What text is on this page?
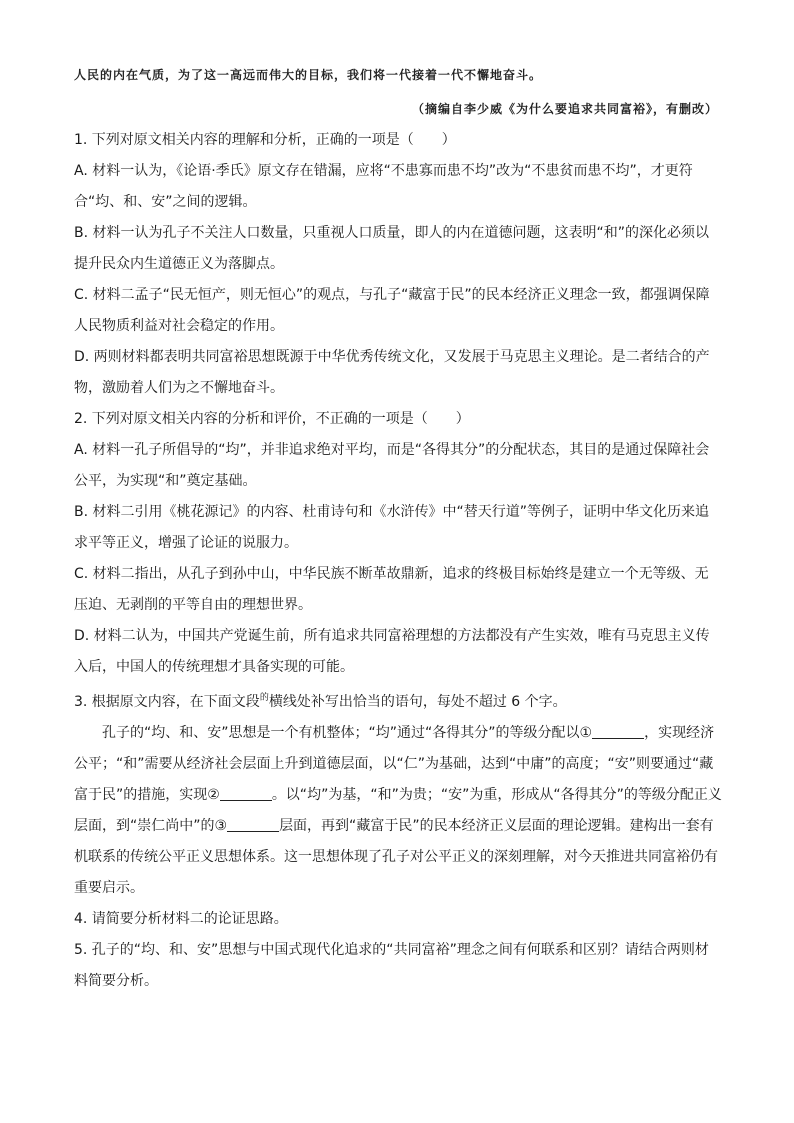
人民的内在气质，为了这一高远而伟大的目标，我们将一代接着一代不懈地奋斗。
（摘编自李少威《为什么要追求共同富裕》，有删改）

1. 下列对原文相关内容的理解和分析，正确的一项是（　　）

A. 材料一认为，《论语·季氏》原文存在错漏，应将“不患寡而患不均”改为“不患贫而患不均”，才更符合“均、和、安”之间的逻辑。

B. 材料一认为孔子不关注人口数量，只重视人口质量，即人的内在道德问题，这表明“和”的深化必须以提升民众内生道德正义为落脚点。

C. 材料二孟子“民无恒产，则无恒心”的观点，与孔子“藏富于民”的民本经济正义理念一致，都强调保障人民物质利益对社会稳定的作用。

D. 两则材料都表明共同富裕思想既源于中华优秀传统文化，又发展于马克思主义理论。是二者结合的产物，激励着人们为之不懈地奋斗。

2. 下列对原文相关内容的分析和评价，不正确的一项是（　　）

A. 材料一孔子所倡导的“均”，并非追求绝对平均，而是“各得其分”的分配状态，其目的是通过保障社会公平，为实现“和”奠定基础。

B. 材料二引用《桃花源记》的内容、杜甫诗句和《水浒传》中“替天行道”等例子，证明中华文化历来追求平等正义，增强了论证的说服力。

C. 材料二指出，从孔子到孙中山，中华民族不断革故鼎新，追求的终极目标始终是建立一个无等级、无压迫、无剥削的平等自由的理想世界。

D. 材料二认为，中国共产党诞生前，所有追求共同富裕理想的方法都没有产生实效，唯有马克思主义传入后，中国人的传统理想才具备实现的可能。

3. 根据原文内容，在下面文段$^的$横线处补写出恰当的语句，每处不超过 6 个字。

孔子的“均、和、安”思想是一个有机整体；“均”通过“各得其分”的等级分配以①	，实现经济公平；“和”需要从经济社会层面上升到道德层面，以“仁”为基础，达到“中庸”的高度；“安”则要通过“藏富于民”的措施，实现②	。以“均”为基，“和”为贵；“安”为重，形成从“各得其分”的等级分配正义层面，到“崇仁尚中”的③	层面，再到“藏富于民”的民本经济正义层面的理论逻辑。建构出一套有机联系的传统公平正义思想体系。这一思想体现了孔子对公平正义的深刻理解，对今天推进共同富裕仍有重要启示。

4. 请简要分析材料二的论证思路。

5. 孔子的“均、和、安”思想与中国式现代化追求的“共同富裕”理念之间有何联系和区别？请结合两则材料简要分析。
